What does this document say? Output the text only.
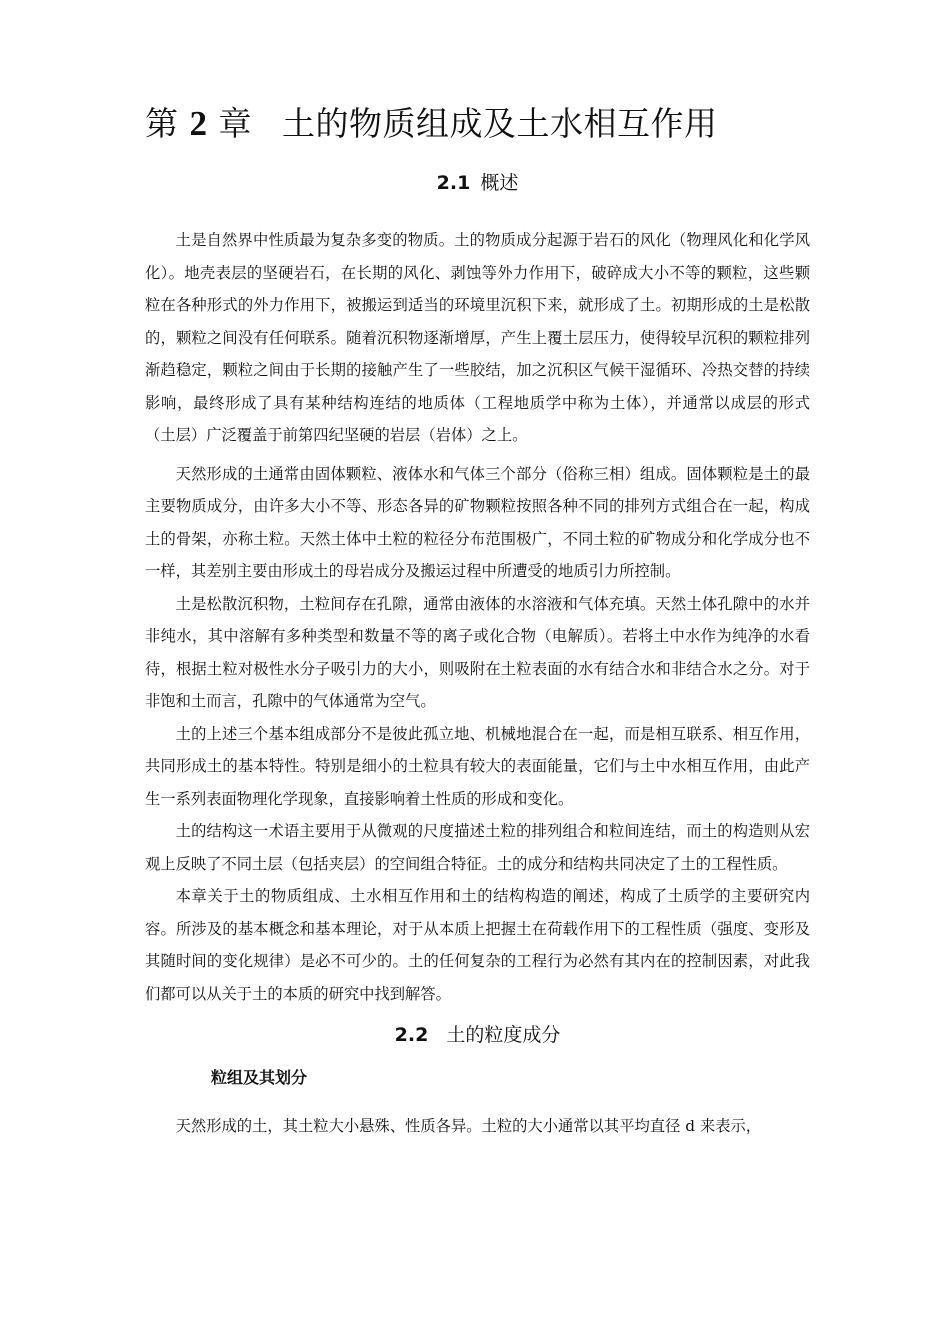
第 2 章 土的物质组成及土水相互作用
2.1 概述

土是自然界中性质最为复杂多变的物质。土的物质成分起源于岩石的风化（物理风化和化学风化）。地壳表层的坚硬岩石，在长期的风化、剥蚀等外力作用下，破碎成大小不等的颗粒，这些颗粒在各种形式的外力作用下，被搬运到适当的环境里沉积下来，就形成了土。初期形成的土是松散的，颗粒之间没有任何联系。随着沉积物逐渐增厚，产生上覆土层压力，使得较早沉积的颗粒排列渐趋稳定，颗粒之间由于长期的接触产生了一些胶结，加之沉积区气候干湿循环、冷热交替的持续影响，最终形成了具有某种结构连结的地质体（工程地质学中称为土体），并通常以成层的形式（土层）广泛覆盖于前第四纪坚硬的岩层（岩体）之上。

天然形成的土通常由固体颗粒、液体水和气体三个部分（俗称三相）组成。固体颗粒是土的最主要物质成分，由许多大小不等、形态各异的矿物颗粒按照各种不同的排列方式组合在一起，构成土的骨架，亦称土粒。天然土体中土粒的粒径分布范围极广，不同土粒的矿物成分和化学成分也不一样，其差别主要由形成土的母岩成分及搬运过程中所遭受的地质引力所控制。

土是松散沉积物，土粒间存在孔隙，通常由液体的水溶液和气体充填。天然土体孔隙中的水并非纯水，其中溶解有多种类型和数量不等的离子或化合物（电解质）。若将土中水作为纯净的水看待，根据土粒对极性水分子吸引力的大小，则吸附在土粒表面的水有结合水和非结合水之分。对于非饱和土而言，孔隙中的气体通常为空气。

土的上述三个基本组成部分不是彼此孤立地、机械地混合在一起，而是相互联系、相互作用，共同形成土的基本特性。特别是细小的土粒具有较大的表面能量，它们与土中水相互作用，由此产生一系列表面物理化学现象，直接影响着土性质的形成和变化。

土的结构这一术语主要用于从微观的尺度描述土粒的排列组合和粒间连结，而土的构造则从宏观上反映了不同土层（包括夹层）的空间组合特征。土的成分和结构共同决定了土的工程性质。

本章关于土的物质组成、土水相互作用和土的结构构造的阐述，构成了土质学的主要研究内容。所涉及的基本概念和基本理论，对于从本质上把握土在荷载作用下的工程性质（强度、变形及其随时间的变化规律）是必不可少的。土的任何复杂的工程行为必然有其内在的控制因素，对此我们都可以从关于土的本质的研究中找到解答。

2.2 土的粒度成分
粒组及其划分

天然形成的土，其土粒大小悬殊、性质各异。土粒的大小通常以其平均直径 d 来表示，
